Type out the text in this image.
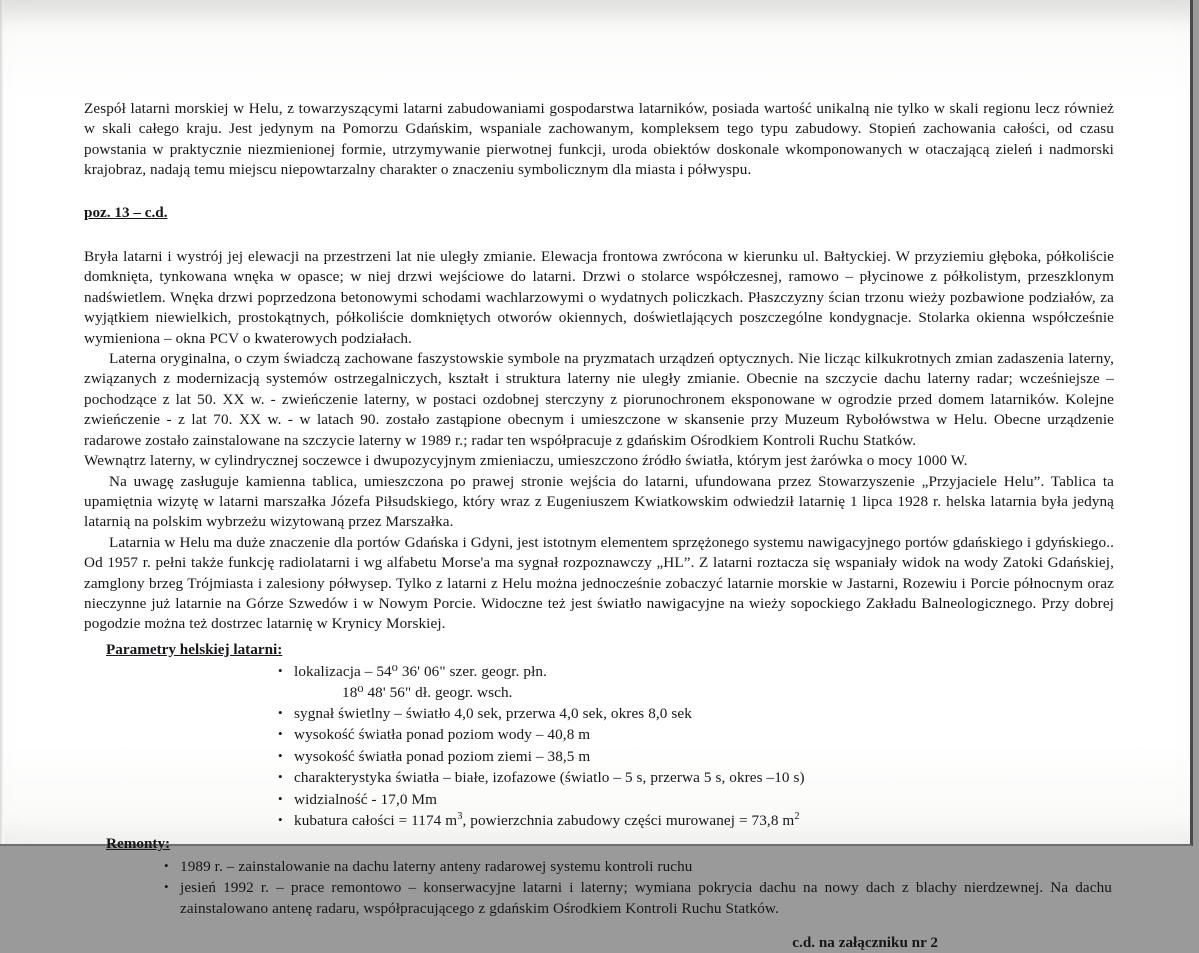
Zespół latarni morskiej w Helu, z towarzyszącymi latarni zabudowaniami gospodarstwa latarników, posiada wartość unikalną nie tylko w skali regionu lecz również w skali całego kraju. Jest jedynym na Pomorzu Gdańskim, wspaniale zachowanym, kompleksem tego typu zabudowy. Stopień zachowania całości, od czasu powstania w praktycznie niezmienionej formie, utrzymywanie pierwotnej funkcji, uroda obiektów doskonale wkomponowanych w otaczającą zieleń i nadmorski krajobraz, nadają temu miejscu niepowtarzalny charakter o znaczeniu symbolicznym dla miasta i półwyspu.

poz. 13 – c.d.

Bryła latarni i wystrój jej elewacji na przestrzeni lat nie uległy zmianie. Elewacja frontowa zwrócona w kierunku ul. Bałtyckiej. W przyziemiu głęboka, półkoliście domknięta, tynkowana wnęka w opasce; w niej drzwi wejściowe do latarni. Drzwi o stolarce współczesnej, ramowo – płycinowe z półkolistym, przeszklonym nadświetlem. Wnęka drzwi poprzedzona betonowymi schodami wachlarzowymi o wydatnych policzkach. Płaszczyzny ścian trzonu wieży pozbawione podziałów, za wyjątkiem niewielkich, prostokątnych, półkoliście domkniętych otworów okiennych, doświetlających poszczególne kondygnacje. Stolarka okienna współcześnie wymieniona – okna PCV o kwaterowych podziałach.

Laterna oryginalna, o czym świadczą zachowane faszystowskie symbole na pryzmatach urządzeń optycznych. Nie licząc kilkukrotnych zmian zadaszenia laterny, związanych z modernizacją systemów ostrzegalniczych, kształt i struktura laterny nie uległy zmianie. Obecnie na szczycie dachu laterny radar; wcześniejsze – pochodzące z lat 50. XX w. - zwieńczenie laterny, w postaci ozdobnej sterczyny z piorunochronem eksponowane w ogrodzie przed domem latarników. Kolejne zwieńczenie - z lat 70. XX w. - w latach 90. zostało zastąpione obecnym i umieszczone w skansenie przy Muzeum Rybołówstwa w Helu. Obecne urządzenie radarowe zostało zainstalowane na szczycie laterny w 1989 r.; radar ten współpracuje z gdańskim Ośrodkiem Kontroli Ruchu Statków.

Wewnątrz laterny, w cylindrycznej soczewce i dwupozycyjnym zmieniaczu, umieszczono źródło światła, którym jest żarówka o mocy 1000 W.

Na uwagę zasługuje kamienna tablica, umieszczona po prawej stronie wejścia do latarni, ufundowana przez Stowarzyszenie „Przyjaciele Helu”. Tablica ta upamiętnia wizytę w latarni marszałka Józefa Piłsudskiego, który wraz z Eugeniuszem Kwiatkowskim odwiedził latarnię 1 lipca 1928 r. helska latarnia była jedyną latarnią na polskim wybrzeżu wizytowaną przez Marszałka.

Latarnia w Helu ma duże znaczenie dla portów Gdańska i Gdyni, jest istotnym elementem sprzężonego systemu nawigacyjnego portów gdańskiego i gdyńskiego.. Od 1957 r. pełni także funkcję radiolatarni i wg alfabetu Morse'a ma sygnał rozpoznawczy „HL”. Z latarni roztacza się wspaniały widok na wody Zatoki Gdańskiej, zamglony brzeg Trójmiasta i zalesiony półwysep. Tylko z latarni z Helu można jednocześnie zobaczyć latarnie morskie w Jastarni, Rozewiu i Porcie północnym oraz nieczynne już latarnie na Górze Szwedów i w Nowym Porcie. Widoczne też jest światło nawigacyjne na wieży sopockiego Zakładu Balneologicznego. Przy dobrej pogodzie można też dostrzec latarnię w Krynicy Morskiej.

Parametry helskiej latarni:
• lokalizacja – 54⁰ 36' 06" szer. geogr. płn.
18⁰ 48' 56" dł. geogr. wsch.
• sygnał świetlny – światło 4,0 sek, przerwa 4,0 sek, okres 8,0 sek
• wysokość światła ponad poziom wody – 40,8 m
• wysokość światła ponad poziom ziemi – 38,5 m
• charakterystyka światła – białe, izofazowe (światlo – 5 s, przerwa 5 s, okres –10 s)
• widzialność - 17,0 Mm
• kubatura całości = 1174 $m^3$, powierzchnia zabudowy części murowanej = 73,8 $m^2$
Remonty:
• 1989 r. – zainstalowanie na dachu laterny anteny radarowej systemu kontroli ruchu
• jesień 1992 r. – prace remontowo – konserwacyjne latarni i laterny; wymiana pokrycia dachu na nowy dach z blachy nierdzewnej. Na dachu zainstalowano antenę radaru, współpracującego z gdańskim Ośrodkiem Kontroli Ruchu Statków.
c.d. na załączniku nr 2
